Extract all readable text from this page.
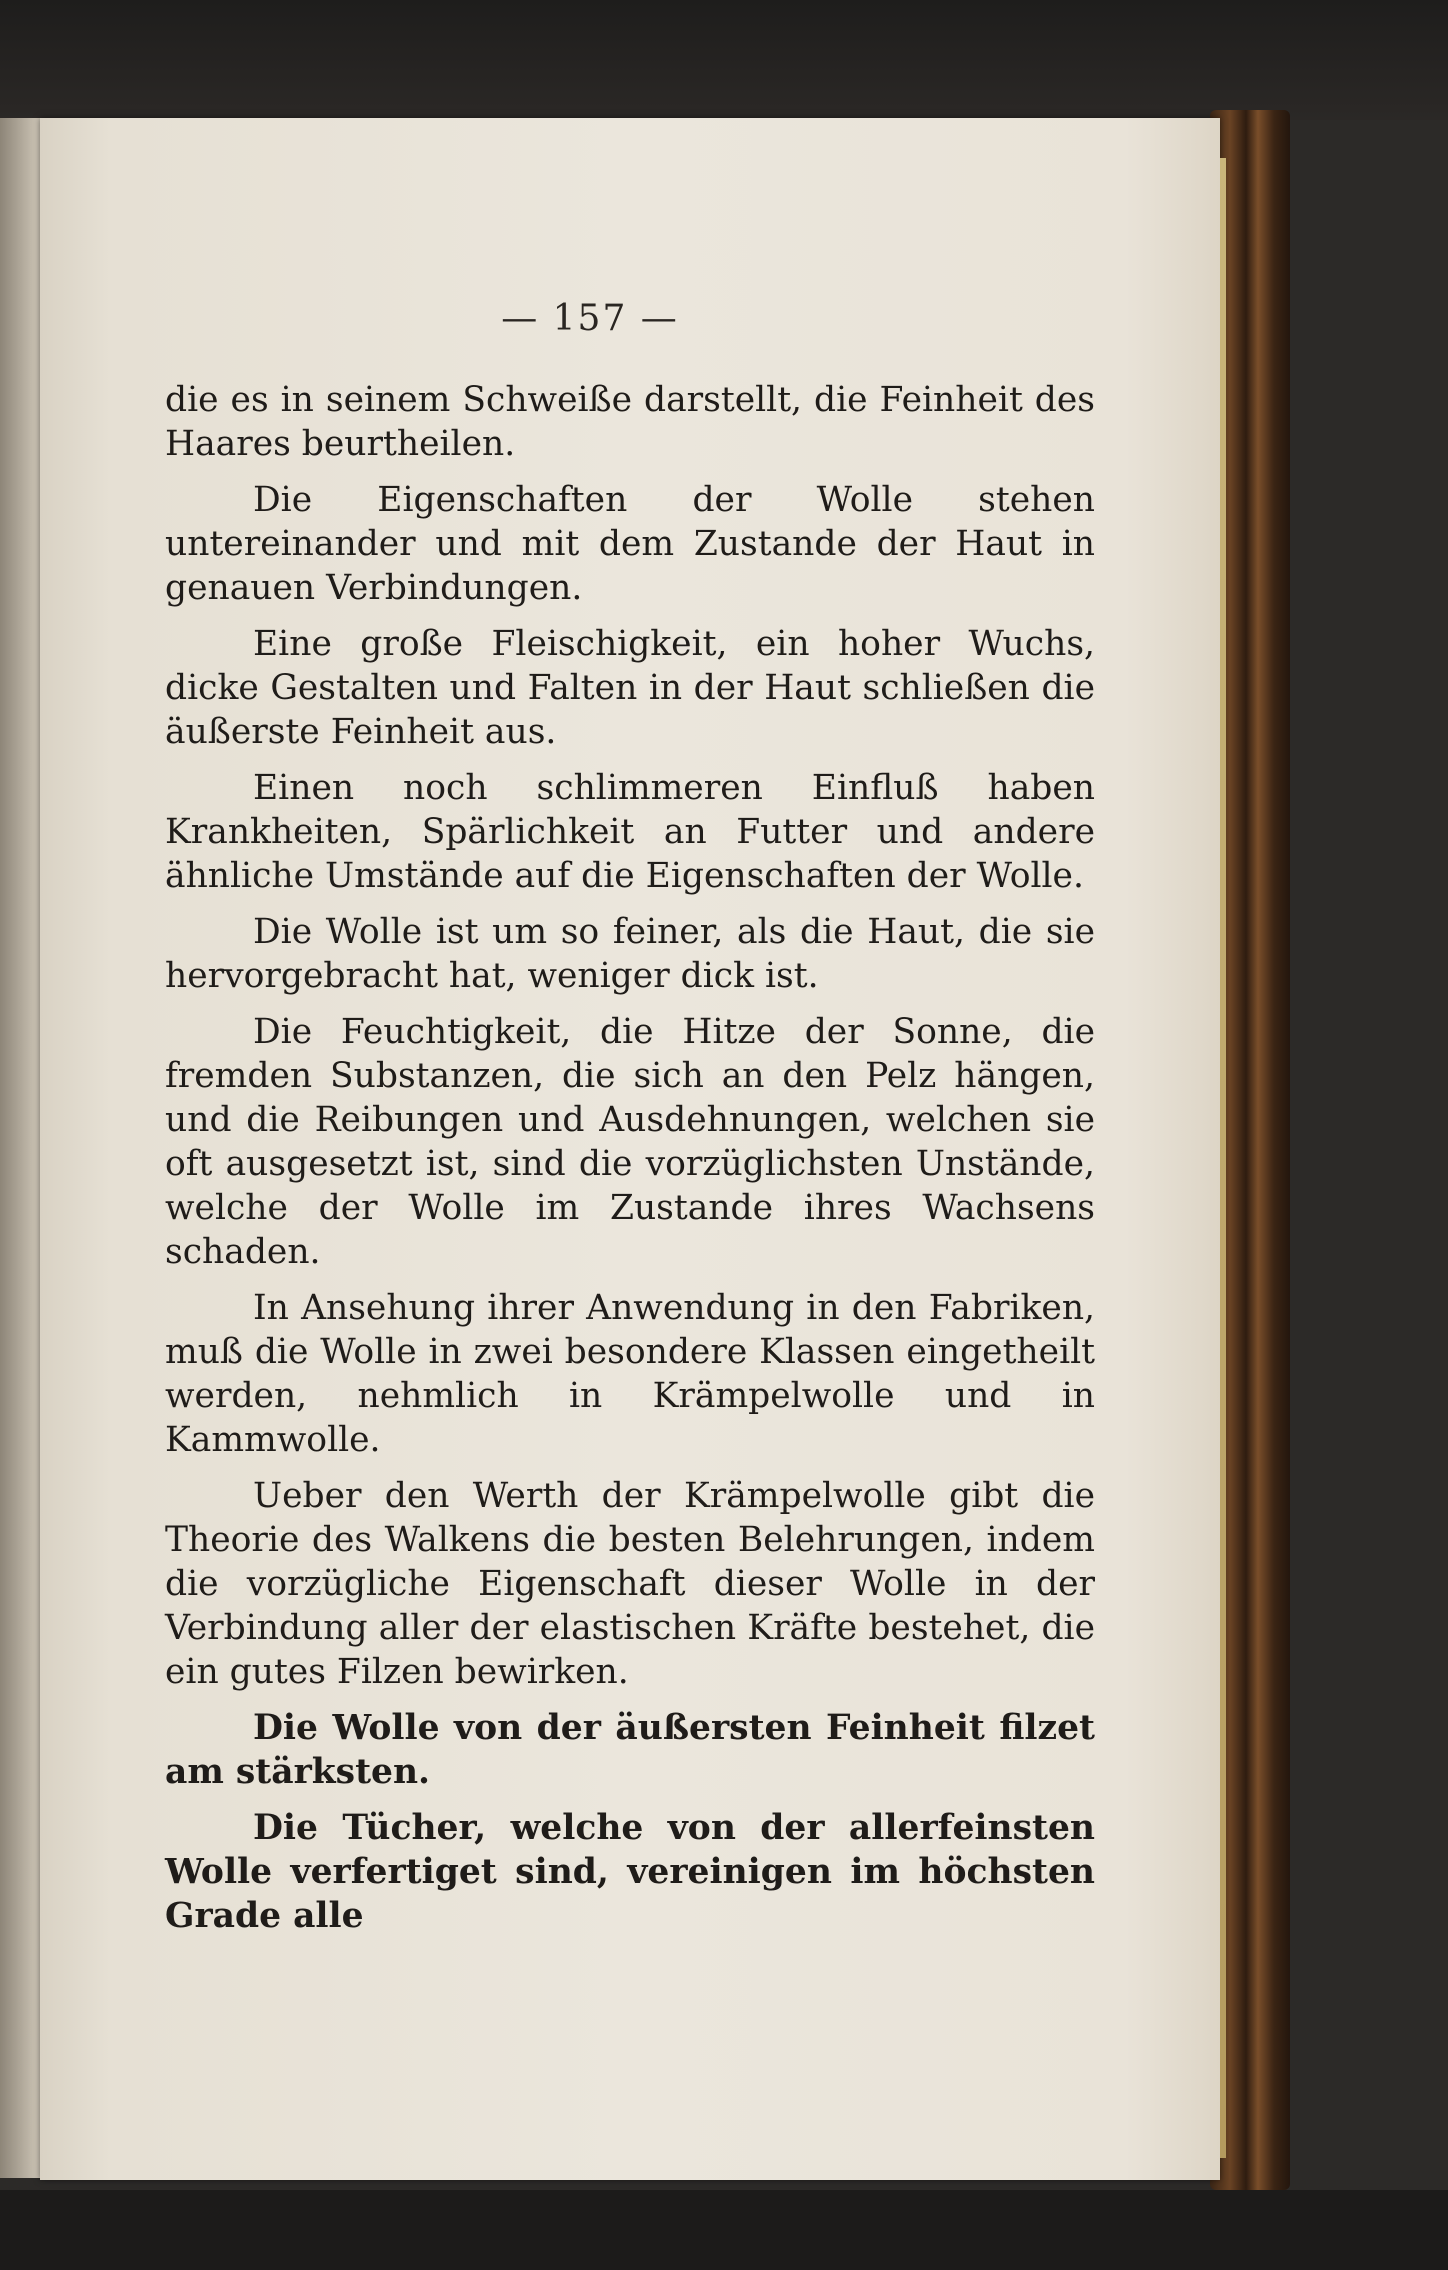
— 157 —

die es in seinem Schweiße darstellt, die Feinheit des Haares beurtheilen.

Die Eigenschaften der Wolle stehen untereinander und mit dem Zustande der Haut in genauen Verbindungen.

Eine große Fleischigkeit, ein hoher Wuchs, dicke Gestalten und Falten in der Haut schließen die äußerste Feinheit aus.

Einen noch schlimmeren Einfluß haben Krankheiten, Spärlichkeit an Futter und andere ähnliche Umstände auf die Eigenschaften der Wolle.

Die Wolle ist um so feiner, als die Haut, die sie hervorgebracht hat, weniger dick ist.

Die Feuchtigkeit, die Hitze der Sonne, die fremden Substanzen, die sich an den Pelz hängen, und die Reibungen und Ausdehnungen, welchen sie oft ausgesetzt ist, sind die vorzüglichsten Unstände, welche der Wolle im Zustande ihres Wachsens schaden.

In Ansehung ihrer Anwendung in den Fabriken, muß die Wolle in zwei besondere Klassen eingetheilt werden, nehmlich in Krämpelwolle und in Kammwolle.

Ueber den Werth der Krämpelwolle gibt die Theorie des Walkens die besten Belehrungen, indem die vorzügliche Eigenschaft dieser Wolle in der Verbindung aller der elastischen Kräfte bestehet, die ein gutes Filzen bewirken.

Die Wolle von der äußersten Feinheit filzet am stärksten.

Die Tücher, welche von der allerfeinsten Wolle verfertiget sind, vereinigen im höchsten Grade alle
